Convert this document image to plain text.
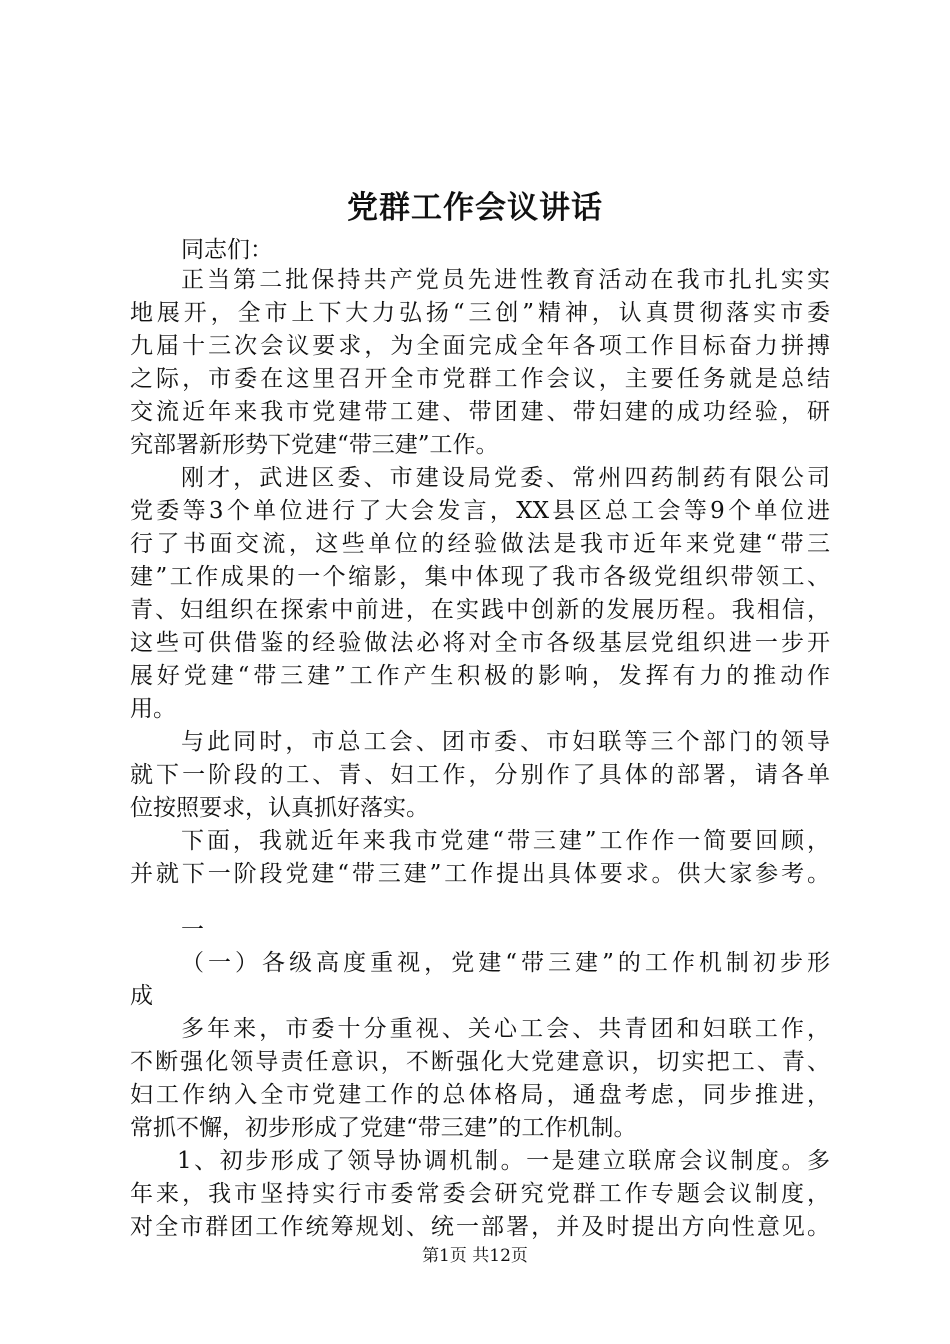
党群工作会议讲话
同志们：
正当第二批保持共产党员先进性教育活动在我市扎扎实实
地展开，全市上下大力弘扬“三创”精神，认真贯彻落实市委
九届十三次会议要求，为全面完成全年各项工作目标奋力拼搏
之际，市委在这里召开全市党群工作会议，主要任务就是总结
交流近年来我市党建带工建、带团建、带妇建的成功经验，研
究部署新形势下党建“带三建”工作。
刚才，武进区委、市建设局党委、常州四药制药有限公司
党委等3个单位进行了大会发言，XX县区总工会等9个单位进
行了书面交流，这些单位的经验做法是我市近年来党建“带三
建”工作成果的一个缩影，集中体现了我市各级党组织带领工、
青、妇组织在探索中前进，在实践中创新的发展历程。我相信，
这些可供借鉴的经验做法必将对全市各级基层党组织进一步开
展好党建“带三建”工作产生积极的影响，发挥有力的推动作
用。
与此同时，市总工会、团市委、市妇联等三个部门的领导
就下一阶段的工、青、妇工作，分别作了具体的部署，请各单
位按照要求，认真抓好落实。
下面，我就近年来我市党建“带三建”工作作一简要回顾，
并就下一阶段党建“带三建”工作提出具体要求。供大家参考。
一
（一）各级高度重视，党建“带三建”的工作机制初步形
成
多年来，市委十分重视、关心工会、共青团和妇联工作，
不断强化领导责任意识，不断强化大党建意识，切实把工、青、
妇工作纳入全市党建工作的总体格局，通盘考虑，同步推进，
常抓不懈，初步形成了党建“带三建”的工作机制。
1、初步形成了领导协调机制。一是建立联席会议制度。多
年来，我市坚持实行市委常委会研究党群工作专题会议制度，
对全市群团工作统筹规划、统一部署，并及时提出方向性意见。
第1页 共12页
